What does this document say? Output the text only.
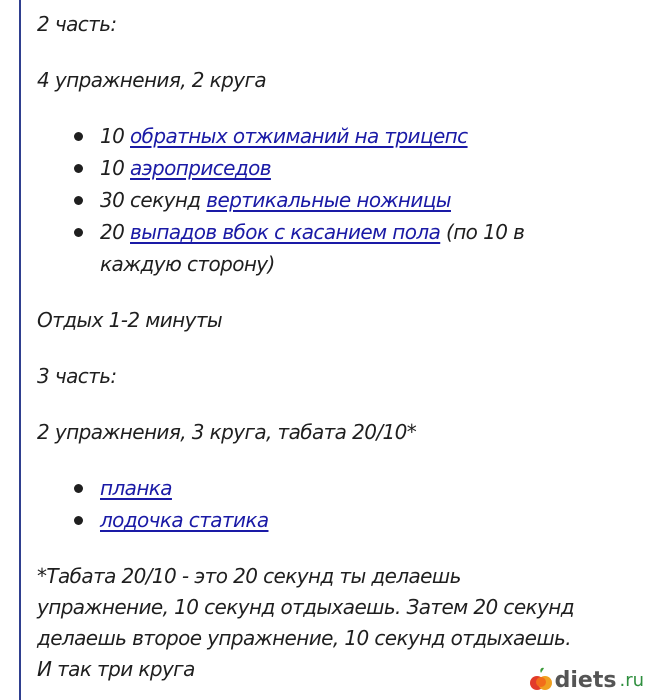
2 часть:
4 упражнения, 2 круга
10 обратных отжиманий на трицепс
10 аэроприседов
30 секунд вертикальные ножницы
20 выпадов вбок с касанием пола (по 10 в
каждую сторону)
Отдых 1-2 минуты
3 часть:
2 упражнения, 3 круга, табата 20/10*
планка
лодочка статика
*Табата 20/10 - это 20 секунд ты делаешь
упражнение, 10 секунд отдыхаешь. Затем 20 секунд
делаешь второе упражнение, 10 секунд отдыхаешь.
И так три круга	diets .ru
